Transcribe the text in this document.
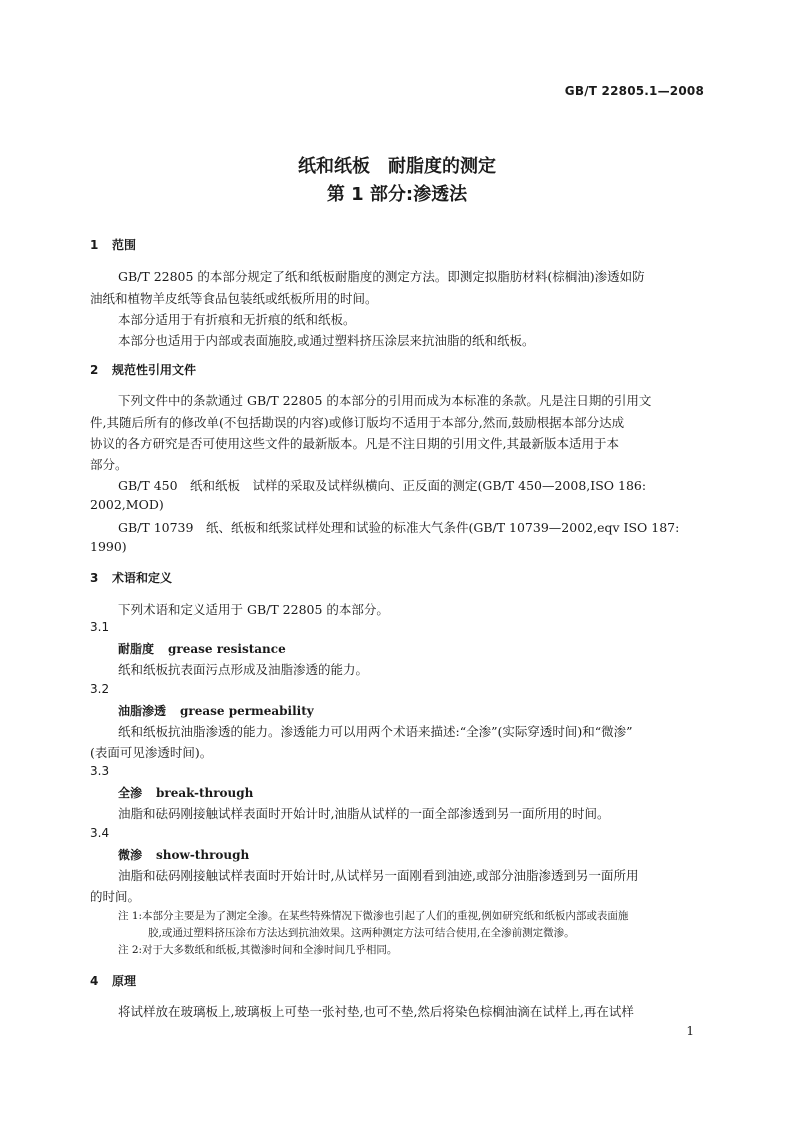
GB/T 22805.1—2008
纸和纸板　耐脂度的测定
第 1 部分:渗透法
1 范围
GB/T 22805 的本部分规定了纸和纸板耐脂度的测定方法。即测定拟脂肪材料(棕榈油)渗透如防
油纸和植物羊皮纸等食品包装纸或纸板所用的时间。
本部分适用于有折痕和无折痕的纸和纸板。
本部分也适用于内部或表面施胶,或通过塑料挤压涂层来抗油脂的纸和纸板。
2 规范性引用文件
下列文件中的条款通过 GB/T 22805 的本部分的引用而成为本标准的条款。凡是注日期的引用文
件,其随后所有的修改单(不包括勘误的内容)或修订版均不适用于本部分,然而,鼓励根据本部分达成
协议的各方研究是否可使用这些文件的最新版本。凡是不注日期的引用文件,其最新版本适用于本
部分。
GB/T 450　纸和纸板　试样的采取及试样纵横向、正反面的测定(GB/T 450—2008,ISO 186:
2002,MOD)
GB/T 10739　纸、纸板和纸浆试样处理和试验的标准大气条件(GB/T 10739—2002,eqv ISO 187:
1990)
3 术语和定义
下列术语和定义适用于 GB/T 22805 的本部分。
3.1
耐脂度 grease resistance
纸和纸板抗表面污点形成及油脂渗透的能力。
3.2
油脂渗透 grease permeability
纸和纸板抗油脂渗透的能力。渗透能力可以用两个术语来描述:“全渗”(实际穿透时间)和“微渗”
(表面可见渗透时间)。
3.3
全渗 break-through
油脂和砝码刚接触试样表面时开始计时,油脂从试样的一面全部渗透到另一面所用的时间。
3.4
微渗 show-through
油脂和砝码刚接触试样表面时开始计时,从试样另一面刚看到油迹,或部分油脂渗透到另一面所用
的时间。
注 1:本部分主要是为了测定全渗。在某些特殊情况下微渗也引起了人们的重视,例如研究纸和纸板内部或表面施
胶,或通过塑料挤压涂布方法达到抗油效果。这两种测定方法可结合使用,在全渗前测定微渗。
注 2:对于大多数纸和纸板,其微渗时间和全渗时间几乎相同。
4 原理
将试样放在玻璃板上,玻璃板上可垫一张衬垫,也可不垫,然后将染色棕榈油滴在试样上,再在试样
1
